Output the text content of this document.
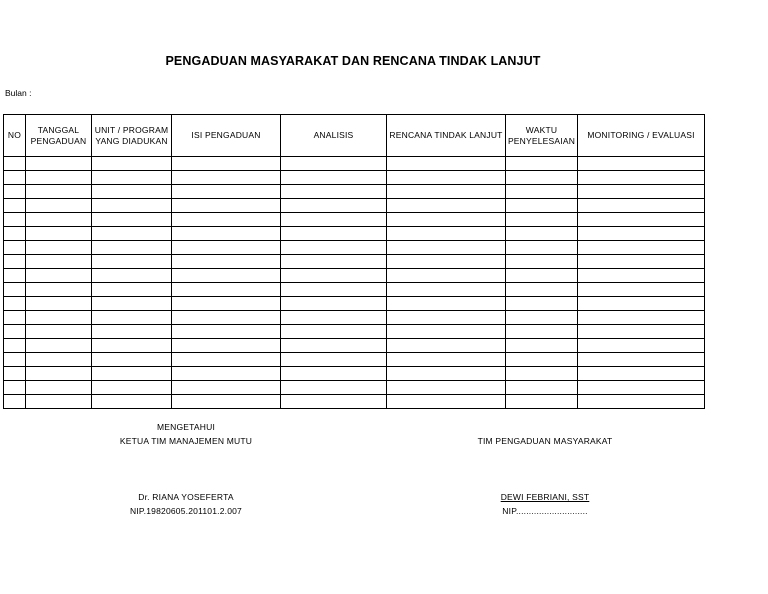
PENGADUAN MASYARAKAT DAN RENCANA TINDAK LANJUT
Bulan :
NO	TANGGAL PENGADUAN	UNIT / PROGRAM YANG DIADUKAN	ISI PENGADUAN	ANALISIS	RENCANA TINDAK LANJUT	WAKTU PENYELESAIAN	MONITORING / EVALUASI

MENGETAHUI
KETUA TIM MANAJEMEN MUTU
Dr. RIANA YOSEFERTA
NIP.19820605.201101.2.007
TIM PENGADUAN MASYARAKAT
DEWI FEBRIANI, SST
NIP............................
